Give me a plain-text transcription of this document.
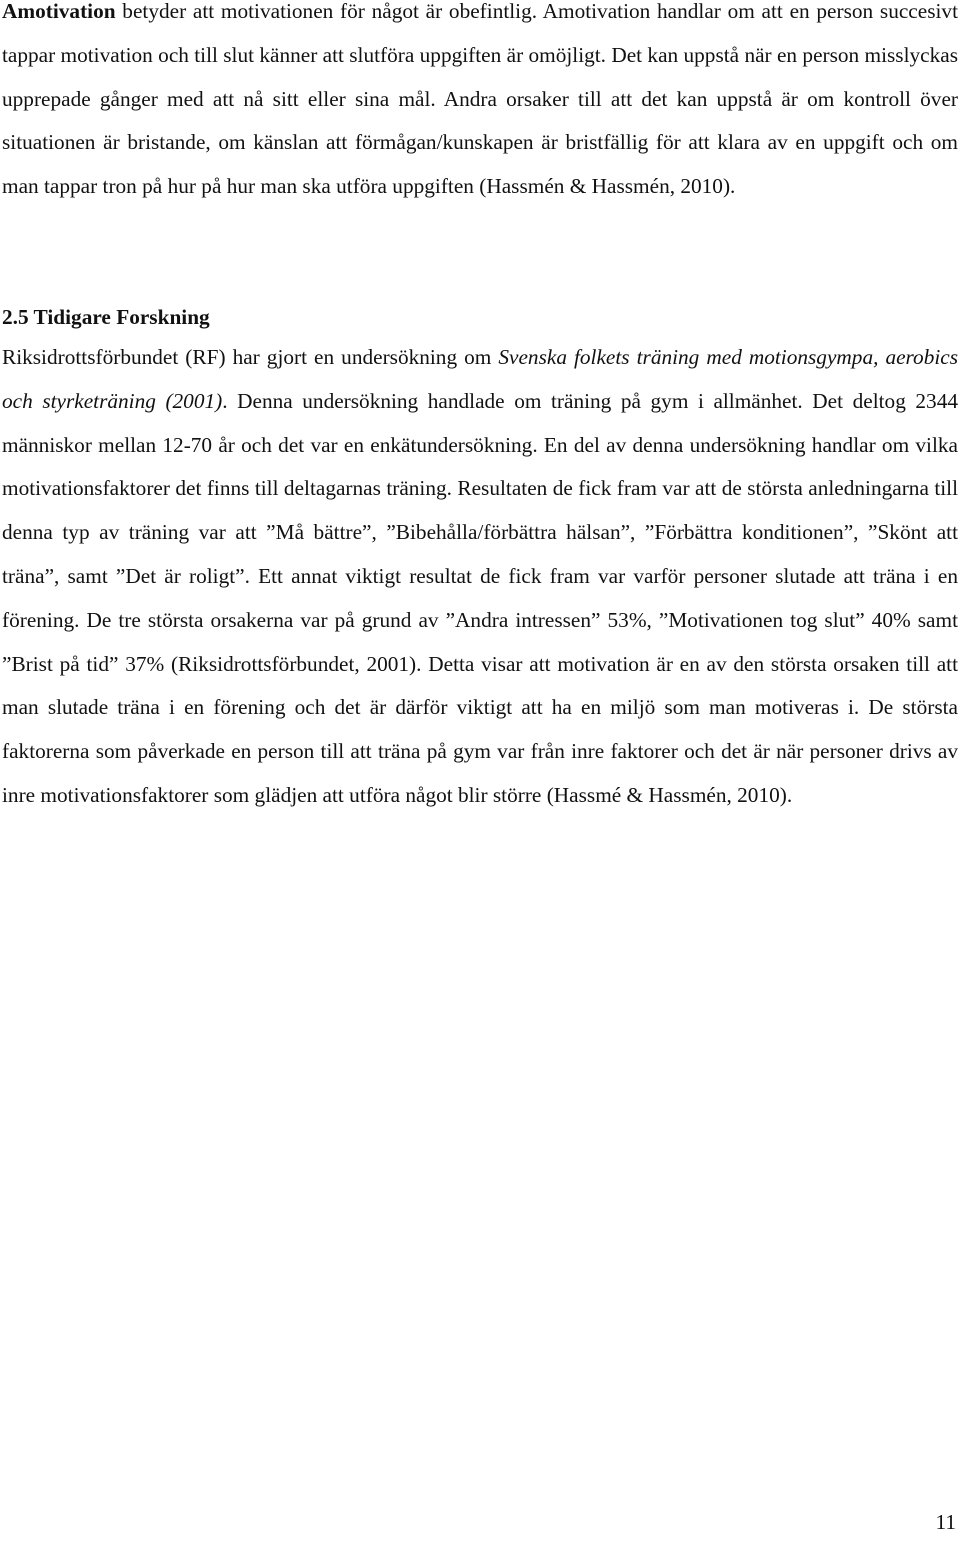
Amotivation betyder att motivationen för något är obefintlig. Amotivation handlar om att en person succesivt tappar motivation och till slut känner att slutföra uppgiften är omöjligt. Det kan uppstå när en person misslyckas upprepade gånger med att nå sitt eller sina mål. Andra orsaker till att det kan uppstå är om kontroll över situationen är bristande, om känslan att förmågan/kunskapen är bristfällig för att klara av en uppgift och om man tappar tron på hur på hur man ska utföra uppgiften (Hassmén & Hassmén, 2010).

2.5 Tidigare Forskning

Riksidrottsförbundet (RF) har gjort en undersökning om Svenska folkets träning med motionsgympa, aerobics och styrketräning (2001). Denna undersökning handlade om träning på gym i allmänhet. Det deltog 2344 människor mellan 12-70 år och det var en enkätundersökning. En del av denna undersökning handlar om vilka motivationsfaktorer det finns till deltagarnas träning. Resultaten de fick fram var att de största anledningarna till denna typ av träning var att ”Må bättre”, ”Bibehålla/förbättra hälsan”, ”Förbättra konditionen”, ”Skönt att träna”, samt ”Det är roligt”. Ett annat viktigt resultat de fick fram var varför personer slutade att träna i en förening. De tre största orsakerna var på grund av ”Andra intressen” 53%, ”Motivationen tog slut” 40% samt ”Brist på tid” 37% (Riksidrottsförbundet, 2001). Detta visar att motivation är en av den största orsaken till att man slutade träna i en förening och det är därför viktigt att ha en miljö som man motiveras i. De största faktorerna som påverkade en person till att träna på gym var från inre faktorer och det är när personer drivs av inre motivationsfaktorer som glädjen att utföra något blir större (Hassmé & Hassmén, 2010).

11
